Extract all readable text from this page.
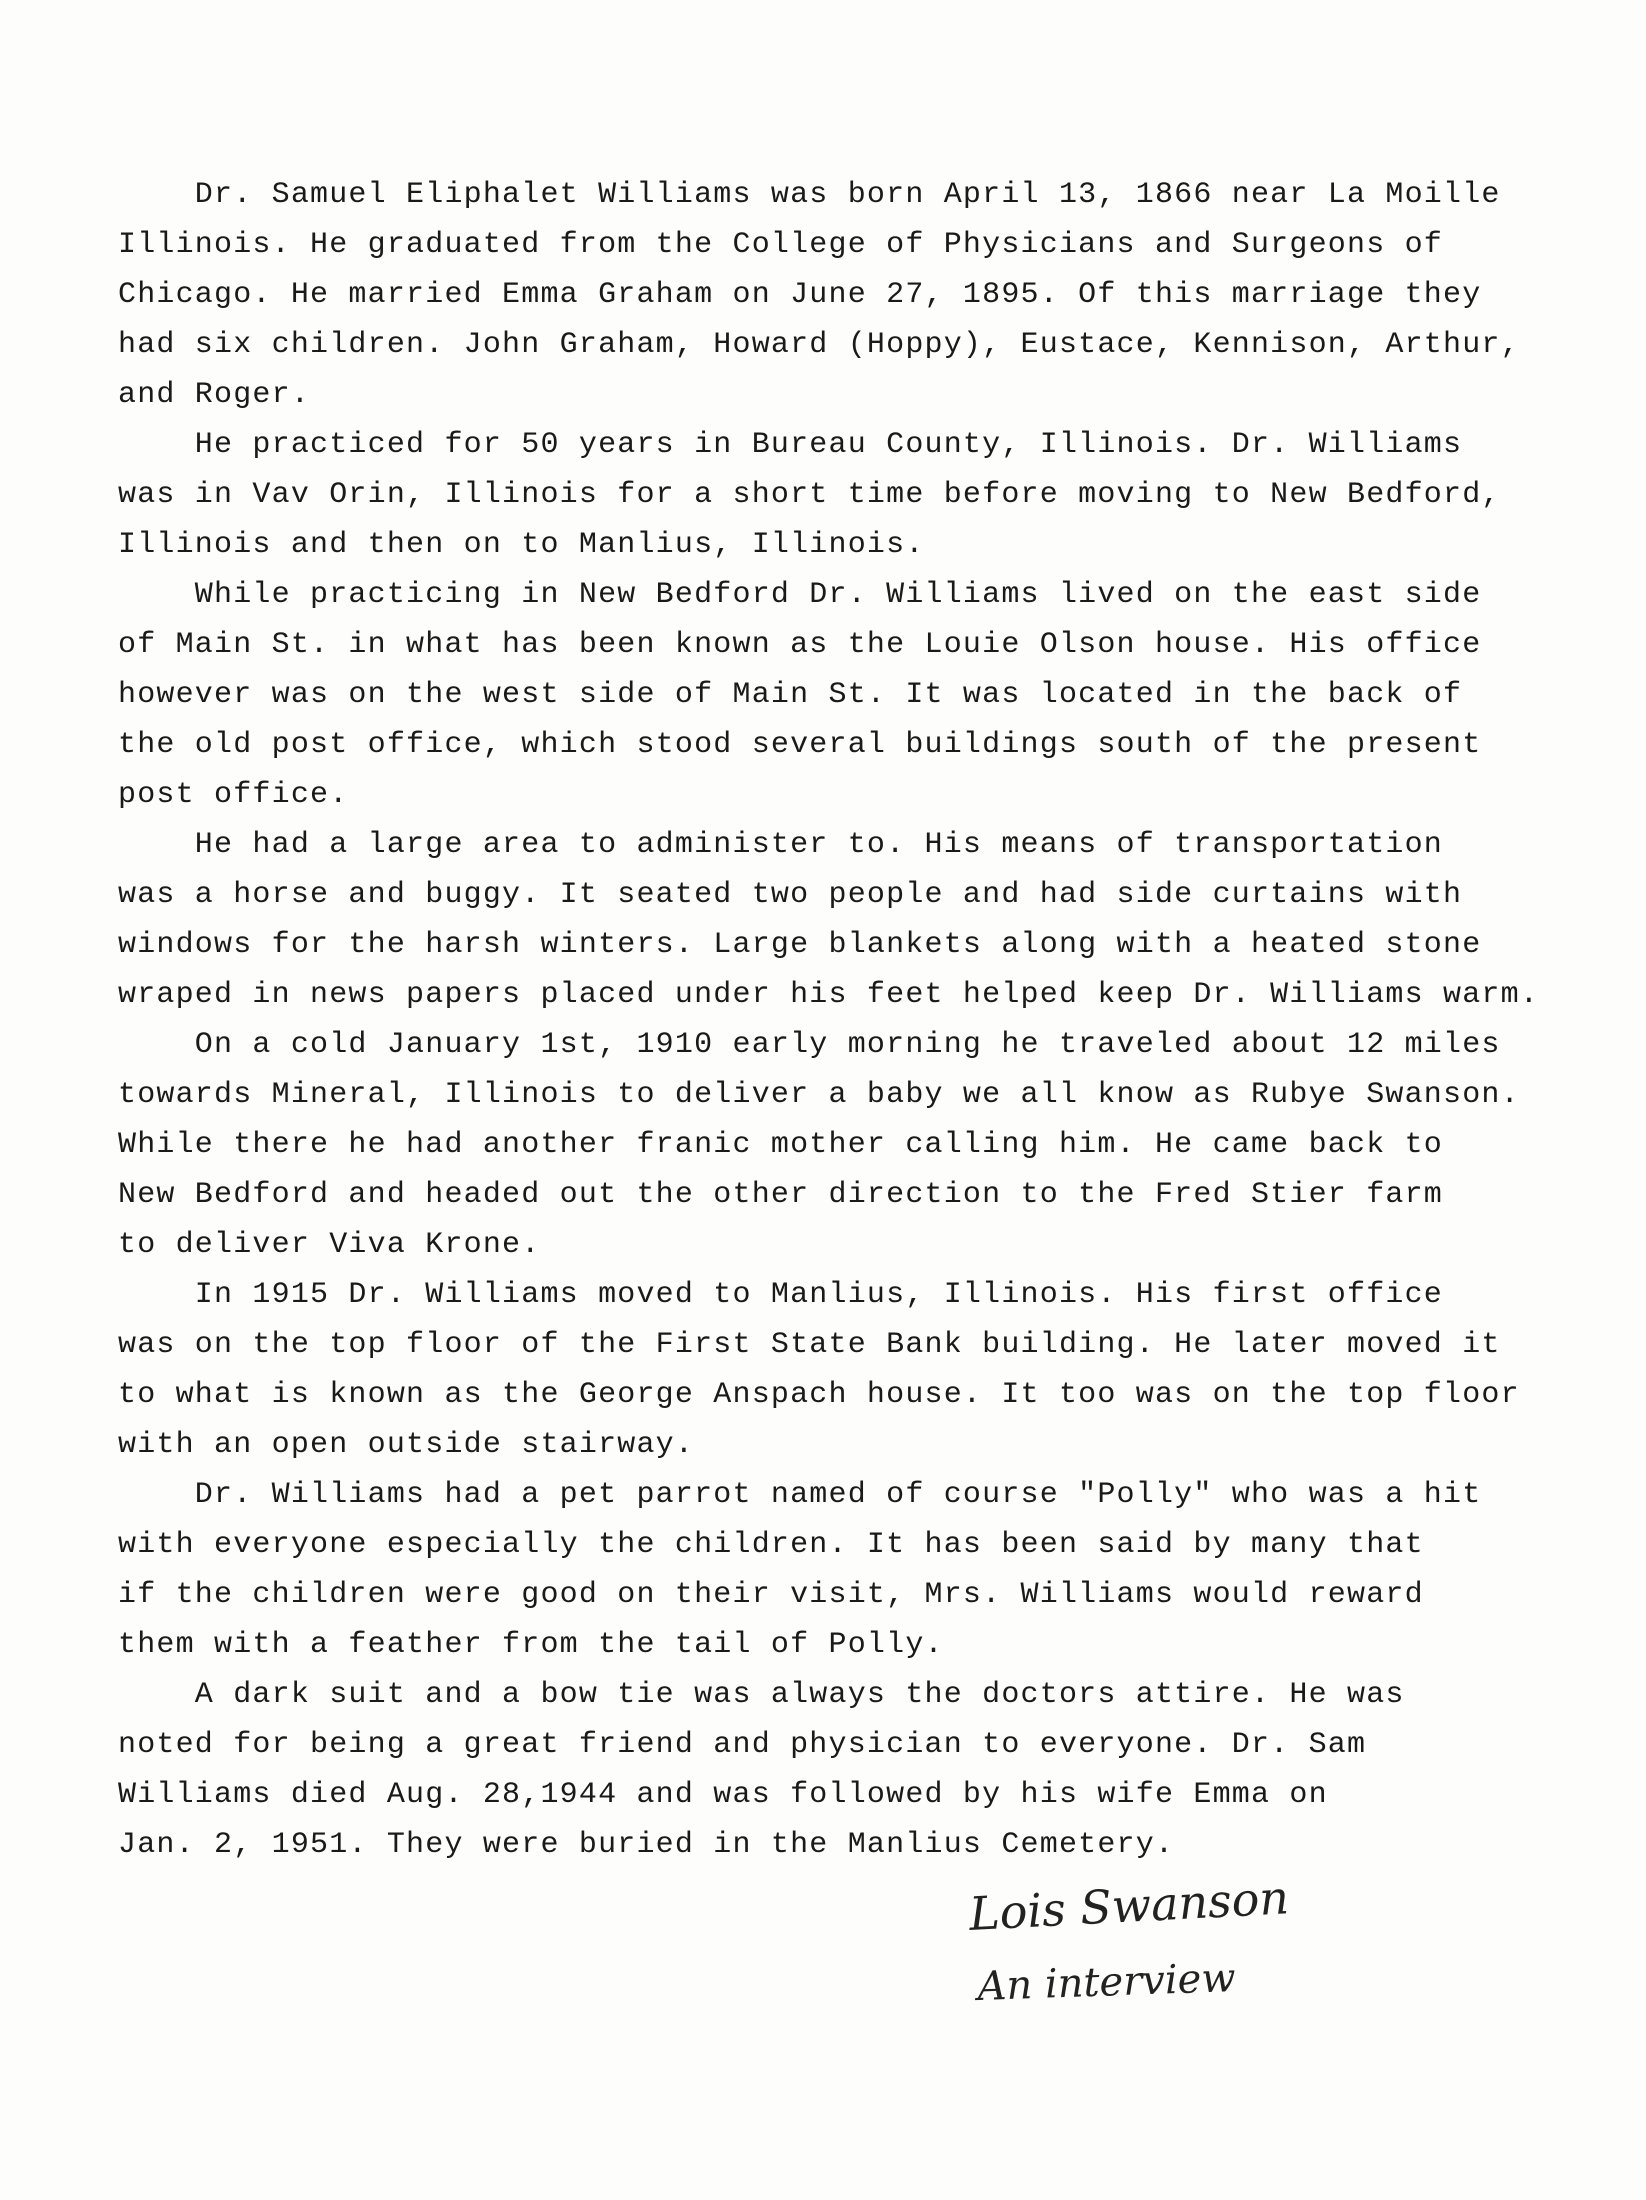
Dr. Samuel Eliphalet Williams was born April 13, 1866 near La Moille

Illinois. He graduated from the College of Physicians and Surgeons of

Chicago. He married Emma Graham on June 27, 1895. Of this marriage they

had six children. John Graham, Howard (Hoppy), Eustace, Kennison, Arthur,

and Roger.

He practiced for 50 years in Bureau County, Illinois. Dr. Williams

was in Vav Orin, Illinois for a short time before moving to New Bedford,

Illinois and then on to Manlius, Illinois.

While practicing in New Bedford Dr. Williams lived on the east side

of Main St. in what has been known as the Louie Olson house. His office

however was on the west side of Main St. It was located in the back of

the old post office, which stood several buildings south of the present

post office.

He had a large area to administer to. His means of transportation

was a horse and buggy. It seated two people and had side curtains with

windows for the harsh winters. Large blankets along with a heated stone

wraped in news papers placed under his feet helped keep Dr. Williams warm.

On a cold January 1st, 1910 early morning he traveled about 12 miles

towards Mineral, Illinois to deliver a baby we all know as Rubye Swanson.

While there he had another franic mother calling him. He came back to

New Bedford and headed out the other direction to the Fred Stier farm

to deliver Viva Krone.

In 1915 Dr. Williams moved to Manlius, Illinois. His first office

was on the top floor of the First State Bank building. He later moved it

to what is known as the George Anspach house. It too was on the top floor

with an open outside stairway.

Dr. Williams had a pet parrot named of course "Polly" who was a hit

with everyone especially the children. It has been said by many that

if the children were good on their visit, Mrs. Williams would reward

them with a feather from the tail of Polly.

A dark suit and a bow tie was always the doctors attire. He was

noted for being a great friend and physician to everyone. Dr. Sam

Williams died Aug. 28,1944 and was followed by his wife Emma on

Jan. 2, 1951. They were buried in the Manlius Cemetery.

Lois Swanson
An interview
